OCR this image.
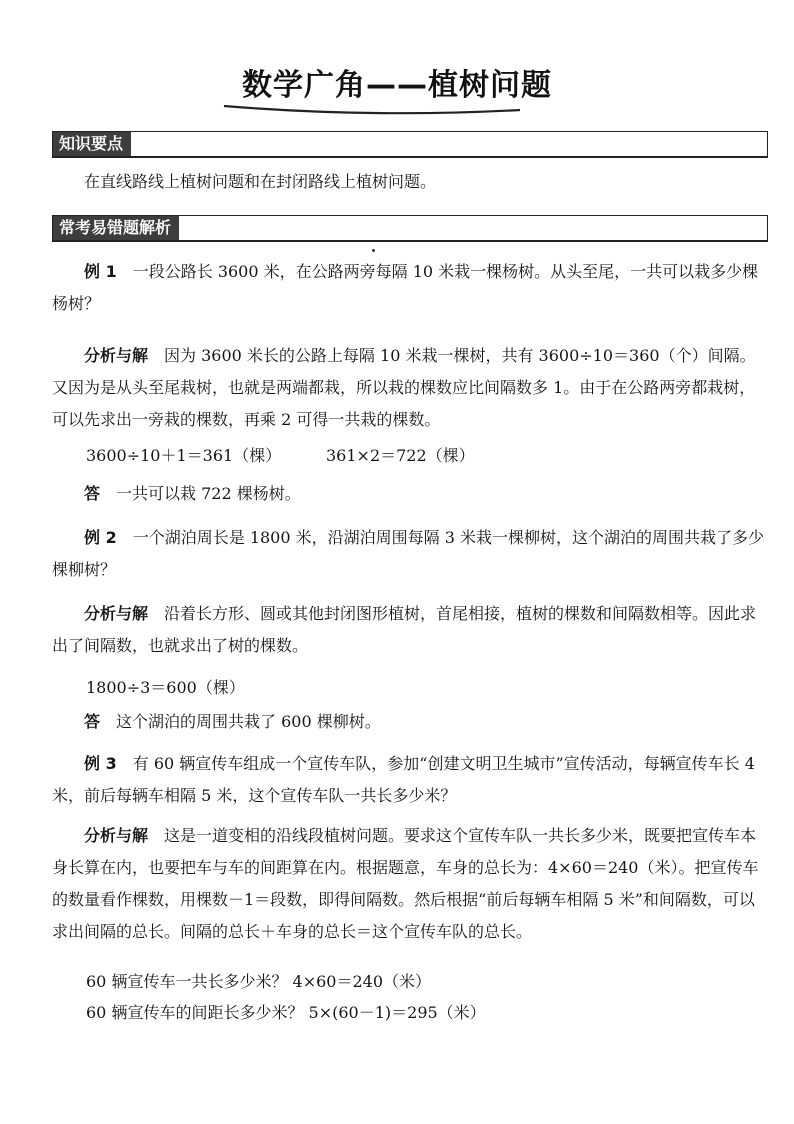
数学广角——植树问题
知识要点

在直线路线上植树问题和在封闭路线上植树问题。

常考易错题解析

例 1　 一段公路长 3600 米，在公路两旁每隔 10 米栽一棵杨树。从头至尾，一共可以栽多少棵杨树？

分析与解　 因为 3600 米长的公路上每隔 10 米栽一棵树，共有 3600÷10＝360（个）间隔。又因为是从头至尾栽树，也就是两端都栽，所以栽的棵数应比间隔数多 1。由于在公路两旁都栽树，可以先求出一旁栽的棵数，再乘 2 可得一共栽的棵数。

3600÷10＋1＝361（棵）	361×2＝722（棵）

答　 一共可以栽 722 棵杨树。

例 2　 一个湖泊周长是 1800 米，沿湖泊周围每隔 3 米栽一棵柳树，这个湖泊的周围共栽了多少棵柳树？

分析与解　 沿着长方形、圆或其他封闭图形植树，首尾相接，植树的棵数和间隔数相等。因此求出了间隔数，也就求出了树的棵数。

1800÷3＝600（棵）

答　 这个湖泊的周围共栽了 600 棵柳树。

例 3　 有 60 辆宣传车组成一个宣传车队，参加“创建文明卫生城市”宣传活动，每辆宣传车长 4 米，前后每辆车相隔 5 米，这个宣传车队一共长多少米？

分析与解　 这是一道变相的沿线段植树问题。要求这个宣传车队一共长多少米，既要把宣传车本身长算在内，也要把车与车的间距算在内。根据题意，车身的总长为：4×60＝240（米）。把宣传车的数量看作棵数，用棵数－1＝段数，即得间隔数。然后根据“前后每辆车相隔 5 米”和间隔数，可以求出间隔的总长。间隔的总长＋车身的总长＝这个宣传车队的总长。

60 辆宣传车一共长多少米？ 4×60＝240（米）
60 辆宣传车的间距长多少米？ 5×(60－1)＝295（米）
